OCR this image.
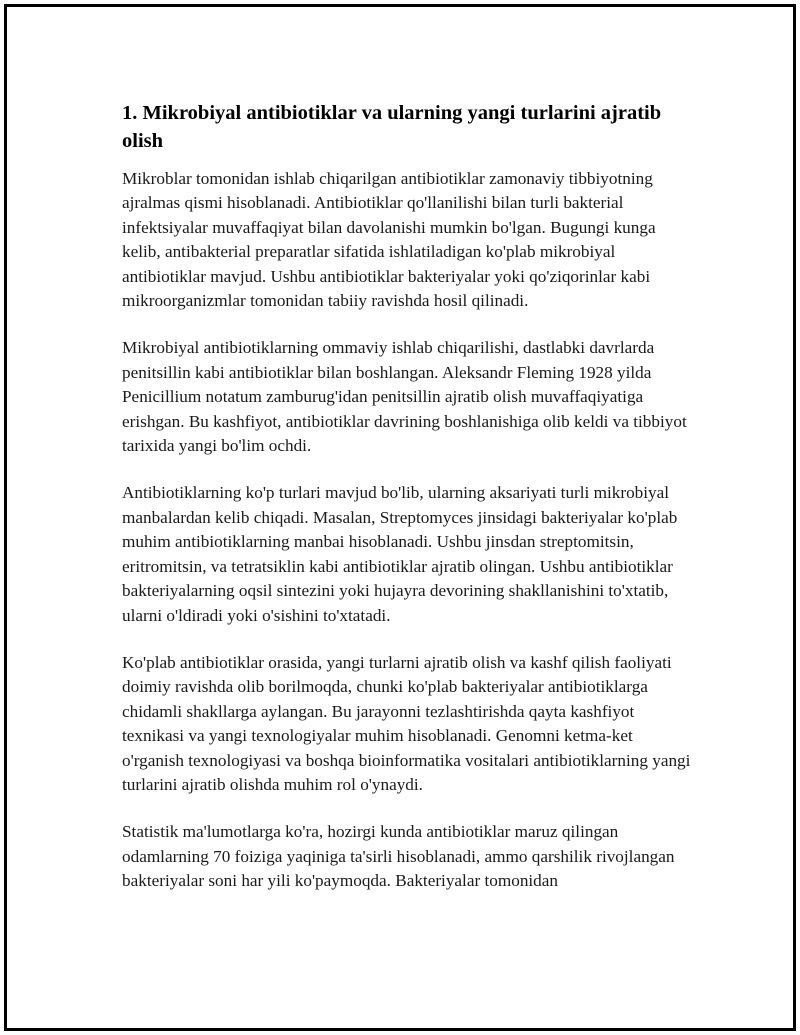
1. Mikrobiyal antibiotiklar va ularning yangi turlarini ajratib olish

Mikroblar tomonidan ishlab chiqarilgan antibiotiklar zamonaviy tibbiyotning ajralmas qismi hisoblanadi. Antibiotiklar qo'llanilishi bilan turli bakterial infektsiyalar muvaffaqiyat bilan davolanishi mumkin bo'lgan. Bugungi kunga kelib, antibakterial preparatlar sifatida ishlatiladigan ko'plab mikrobiyal antibiotiklar mavjud. Ushbu antibiotiklar bakteriyalar yoki qo'ziqorinlar kabi mikroorganizmlar tomonidan tabiiy ravishda hosil qilinadi.

Mikrobiyal antibiotiklarning ommaviy ishlab chiqarilishi, dastlabki davrlarda penitsillin kabi antibiotiklar bilan boshlangan. Aleksandr Fleming 1928 yilda Penicillium notatum zamburug'idan penitsillin ajratib olish muvaffaqiyatiga erishgan. Bu kashfiyot, antibiotiklar davrining boshlanishiga olib keldi va tibbiyot tarixida yangi bo'lim ochdi.

Antibiotiklarning ko'p turlari mavjud bo'lib, ularning aksariyati turli mikrobiyal manbalardan kelib chiqadi. Masalan, Streptomyces jinsidagi bakteriyalar ko'plab muhim antibiotiklarning manbai hisoblanadi. Ushbu jinsdan streptomitsin, eritromitsin, va tetratsiklin kabi antibiotiklar ajratib olingan. Ushbu antibiotiklar bakteriyalarning oqsil sintezini yoki hujayra devorining shakllanishini to'xtatib, ularni o'ldiradi yoki o'sishini to'xtatadi.

Ko'plab antibiotiklar orasida, yangi turlarni ajratib olish va kashf qilish faoliyati doimiy ravishda olib borilmoqda, chunki ko'plab bakteriyalar antibiotiklarga chidamli shakllarga aylangan. Bu jarayonni tezlashtirishda qayta kashfiyot texnikasi va yangi texnologiyalar muhim hisoblanadi. Genomni ketma-ket o'rganish texnologiyasi va boshqa bioinformatika vositalari antibiotiklarning yangi turlarini ajratib olishda muhim rol o'ynaydi.

Statistik ma'lumotlarga ko'ra, hozirgi kunda antibiotiklar maruz qilingan odamlarning 70 foiziga yaqiniga ta'sirli hisoblanadi, ammo qarshilik rivojlangan bakteriyalar soni har yili ko'paymoqda. Bakteriyalar tomonidan
